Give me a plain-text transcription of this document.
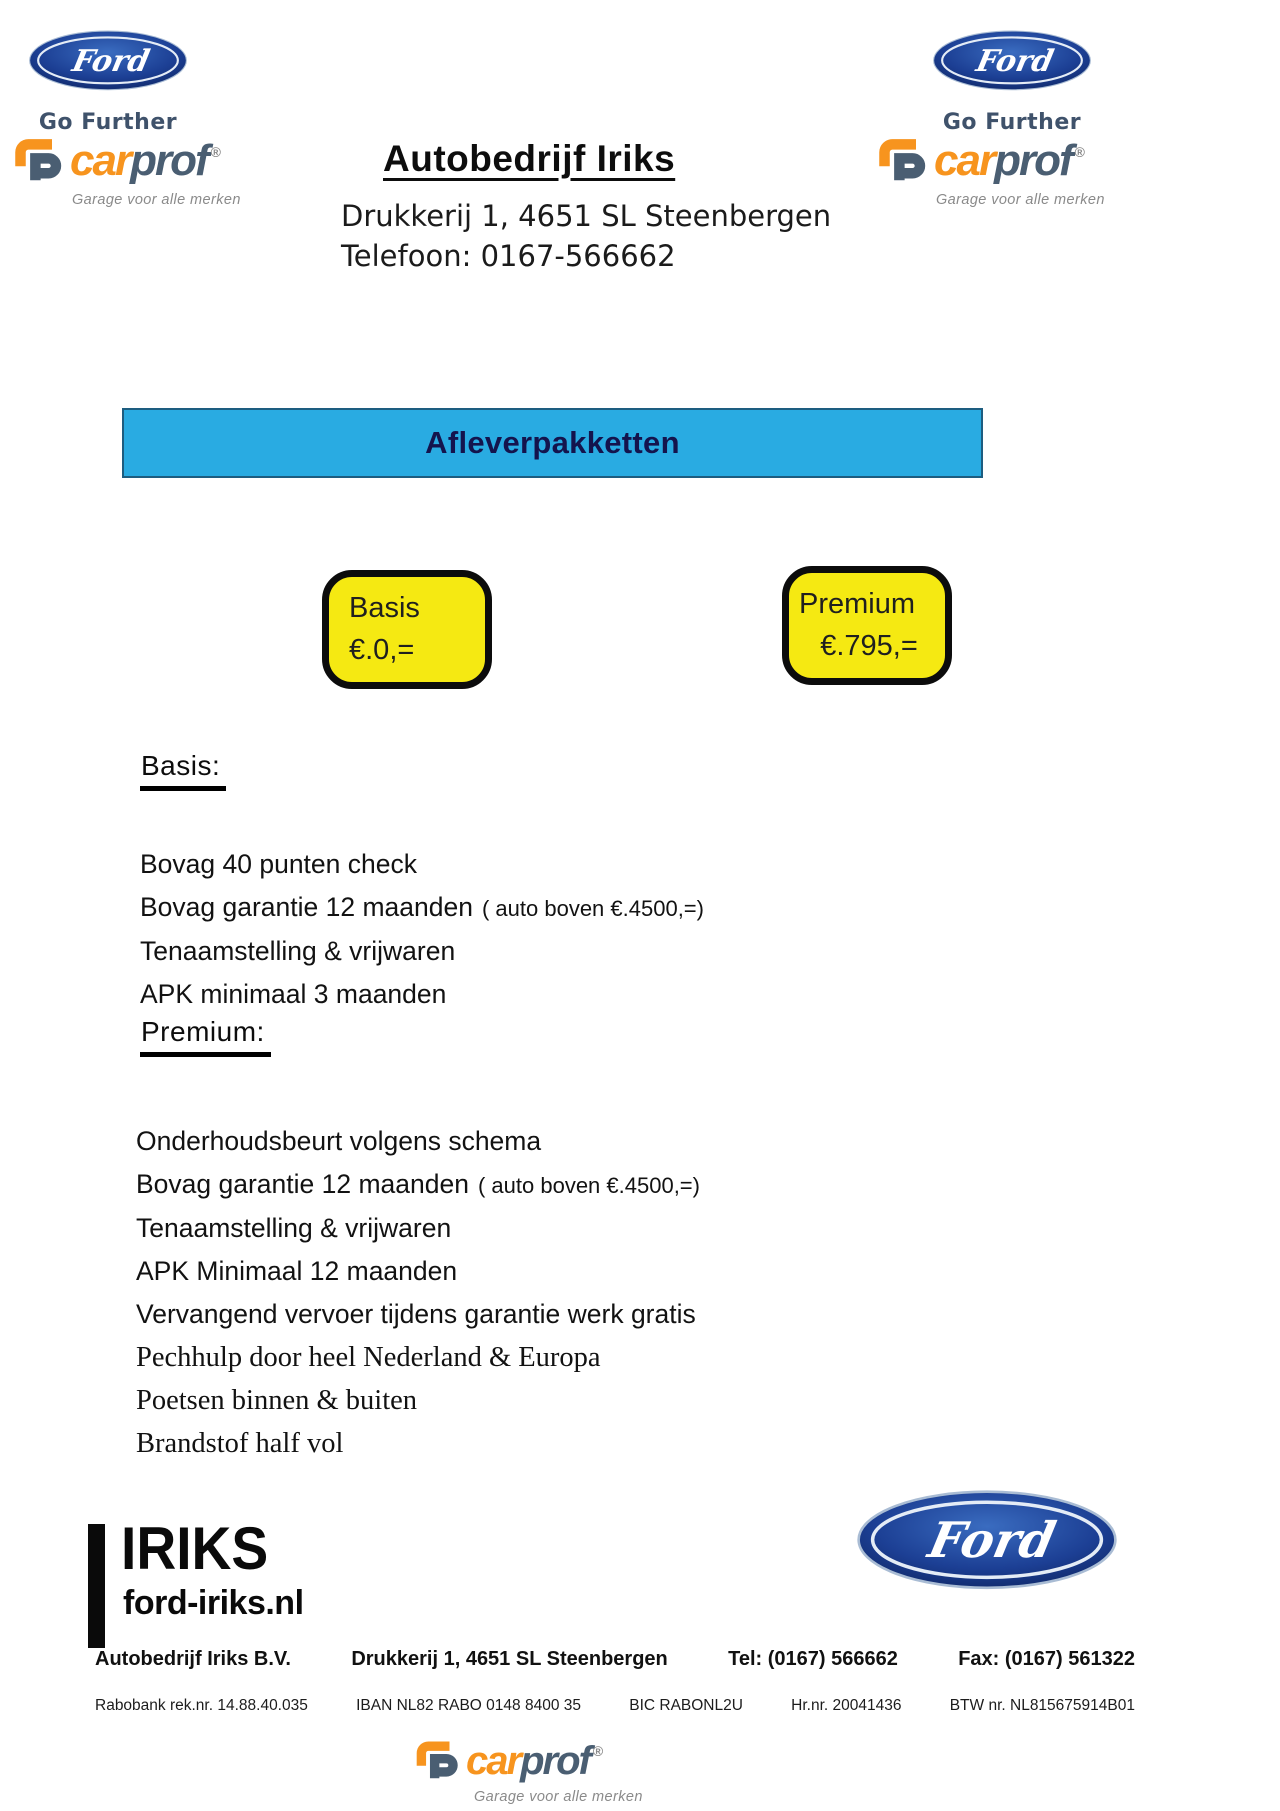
Ford
Go Further
carprof ®
Garage voor alle merken
Ford
Go Further
carprof ®
Garage voor alle merken
Autobedrijf Iriks
Drukkerij 1, 4651 SL Steenbergen
Telefoon: 0167-566662
Afleverpakketten
Basis
€.0,=
Premium
€.795,=
Basis:
Bovag 40 punten check
Bovag garantie 12 maanden ( auto boven €.4500,=)
Tenaamstelling & vrijwaren
APK minimaal 3 maanden
Premium:
Onderhoudsbeurt volgens schema
Bovag garantie 12 maanden ( auto boven €.4500,=)
Tenaamstelling & vrijwaren
APK Minimaal 12 maanden
Vervangend vervoer tijdens garantie werk gratis
Pechhulp door heel Nederland & Europa
Poetsen binnen & buiten
Brandstof half vol
IRIKS
ford-iriks.nl
Ford
Autobedrijf Iriks B.V.	Drukkerij 1, 4651 SL Steenbergen	Tel: (0167) 566662	Fax: (0167) 561322
Rabobank rek.nr. 14.88.40.035	IBAN NL82 RABO 0148 8400 35	BIC RABONL2U	Hr.nr. 20041436	BTW nr. NL815675914B01
carprof ®
Garage voor alle merken
